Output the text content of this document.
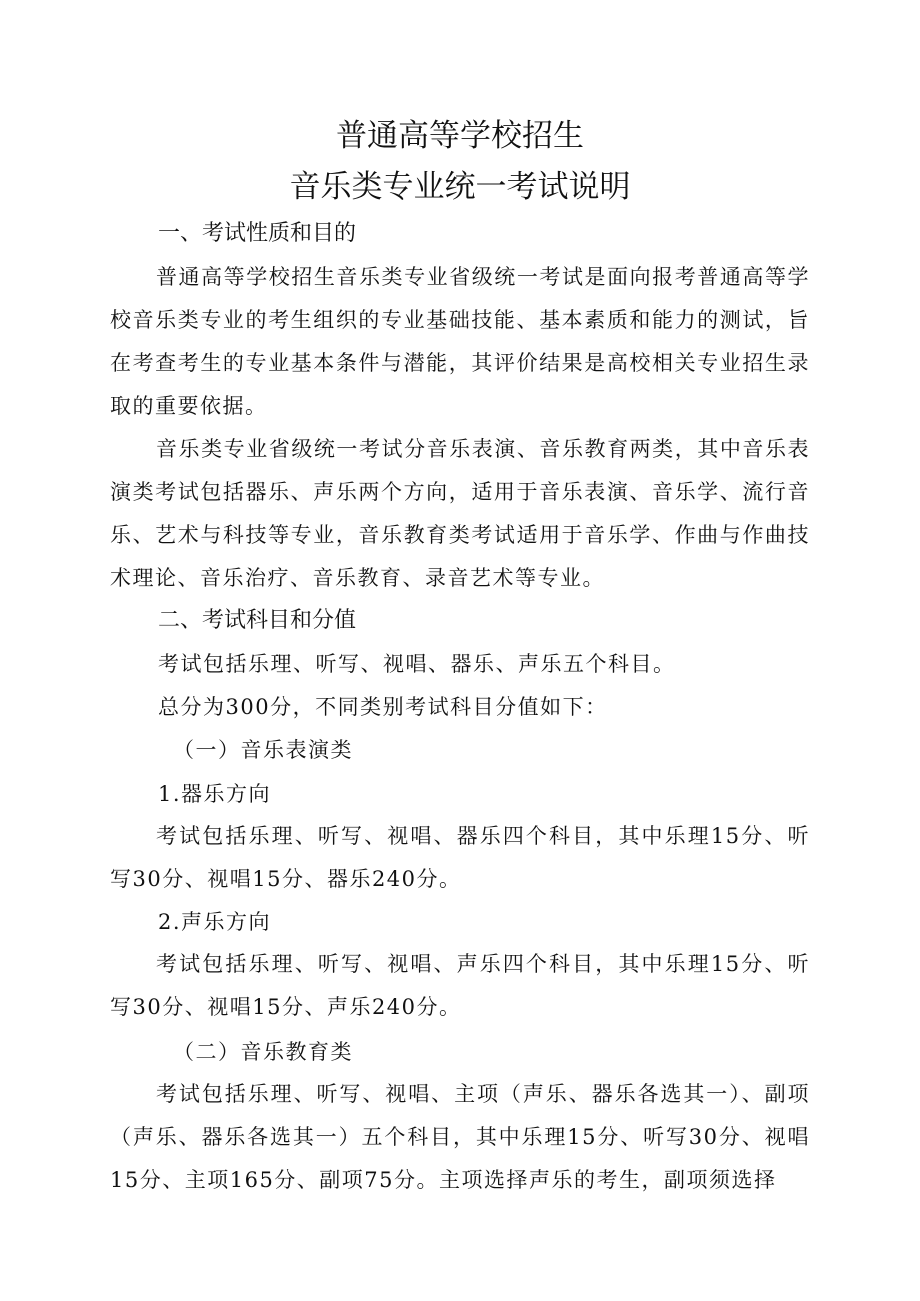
普通高等学校招生
音乐类专业统一考试说明
一、考试性质和目的

普通高等学校招生音乐类专业省级统一考试是面向报考普通高等学校音乐类专业的考生组织的专业基础技能、基本素质和能力的测试，旨在考查考生的专业基本条件与潜能，其评价结果是高校相关专业招生录取的重要依据。

音乐类专业省级统一考试分音乐表演、音乐教育两类，其中音乐表演类考试包括器乐、声乐两个方向，适用于音乐表演、音乐学、流行音乐、艺术与科技等专业，音乐教育类考试适用于音乐学、作曲与作曲技术理论、音乐治疗、音乐教育、录音艺术等专业。

二、考试科目和分值
考试包括乐理、听写、视唱、器乐、声乐五个科目。
总分为300分，不同类别考试科目分值如下：
（一）音乐表演类
1.器乐方向

考试包括乐理、听写、视唱、器乐四个科目，其中乐理15分、听写30分、视唱15分、器乐240分。

2.声乐方向

考试包括乐理、听写、视唱、声乐四个科目，其中乐理15分、听写30分、视唱15分、声乐240分。

（二）音乐教育类

考试包括乐理、听写、视唱、主项（声乐、器乐各选其一）、副项（声乐、器乐各选其一）五个科目，其中乐理15分、听写30分、视唱15分、主项165分、副项75分。主项选择声乐的考生，副项须选择
